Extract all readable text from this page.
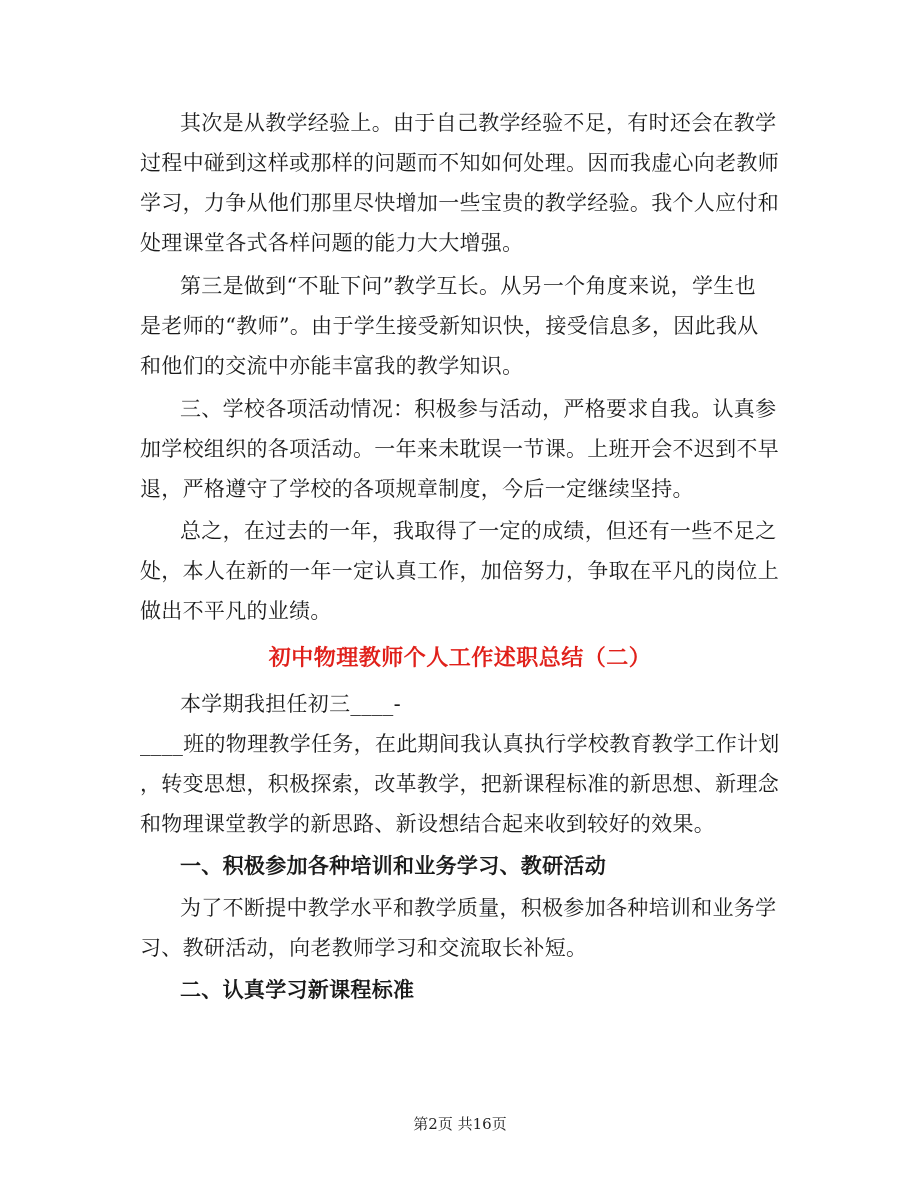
其次是从教学经验上。由于自己教学经验不足，有时还会在教学
过程中碰到这样或那样的问题而不知如何处理。因而我虚心向老教师
学习，力争从他们那里尽快增加一些宝贵的教学经验。我个人应付和
处理课堂各式各样问题的能力大大增强。
第三是做到“不耻下问”教学互长。从另一个角度来说，学生也
是老师的“教师”。由于学生接受新知识快，接受信息多，因此我从
和他们的交流中亦能丰富我的教学知识。
三、学校各项活动情况：积极参与活动，严格要求自我。认真参
加学校组织的各项活动。一年来未耽误一节课。上班开会不迟到不早
退，严格遵守了学校的各项规章制度，今后一定继续坚持。
总之，在过去的一年，我取得了一定的成绩，但还有一些不足之
处，本人在新的一年一定认真工作，加倍努力，争取在平凡的岗位上
做出不平凡的业绩。
初中物理教师个人工作述职总结（二）
本学期我担任初三____-
____班的物理教学任务，在此期间我认真执行学校教育教学工作计划
，转变思想，积极探索，改革教学，把新课程标准的新思想、新理念
和物理课堂教学的新思路、新设想结合起来收到较好的效果。
一、积极参加各种培训和业务学习、教研活动
为了不断提中教学水平和教学质量，积极参加各种培训和业务学
习、教研活动，向老教师学习和交流取长补短。
二、认真学习新课程标准
第2页 共16页
